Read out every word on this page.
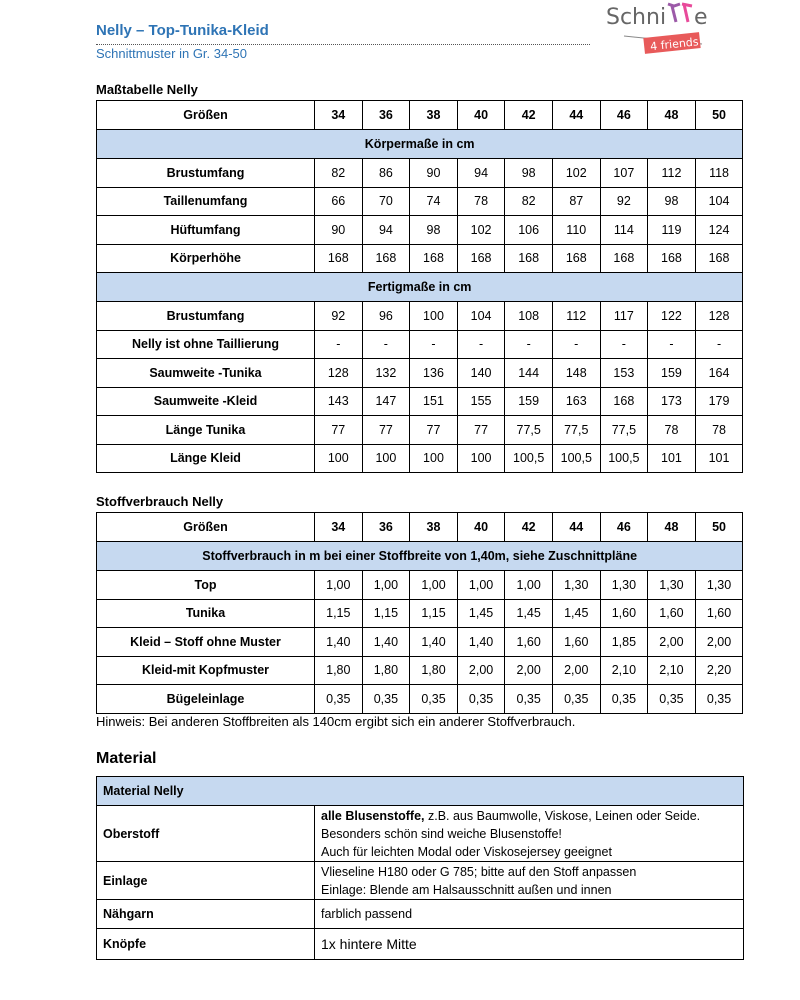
Nelly – Top-Tunika-Kleid
Schnittmuster in Gr. 34-50
Schni e
4 friends
Maßtabelle Nelly
Größen	34	36	38	40	42	44	46	48	50
Körpermaße in cm									
Brustumfang	82	86	90	94	98	102	107	112	118
Taillenumfang	66	70	74	78	82	87	92	98	104
Hüftumfang	90	94	98	102	106	110	114	119	124
Körperhöhe	168	168	168	168	168	168	168	168	168
Fertigmaße in cm									
Brustumfang	92	96	100	104	108	112	117	122	128
Nelly ist ohne Taillierung	-	-	-	-	-	-	-	-	-
Saumweite -Tunika	128	132	136	140	144	148	153	159	164
Saumweite -Kleid	143	147	151	155	159	163	168	173	179
Länge Tunika	77	77	77	77	77,5	77,5	77,5	78	78
Länge Kleid	100	100	100	100	100,5	100,5	100,5	101	101
Stoffverbrauch Nelly
Größen	34	36	38	40	42	44	46	48	50
Stoffverbrauch in m bei einer Stoffbreite von 1,40m, siehe Zuschnittpläne									
Top	1,00	1,00	1,00	1,00	1,00	1,30	1,30	1,30	1,30
Tunika	1,15	1,15	1,15	1,45	1,45	1,45	1,60	1,60	1,60
Kleid – Stoff ohne Muster	1,40	1,40	1,40	1,40	1,60	1,60	1,85	2,00	2,00
Kleid-mit Kopfmuster	1,80	1,80	1,80	2,00	2,00	2,00	2,10	2,10	2,20
Bügeleinlage	0,35	0,35	0,35	0,35	0,35	0,35	0,35	0,35	0,35
Hinweis: Bei anderen Stoffbreiten als 140cm ergibt sich ein anderer Stoffverbrauch.
Material
Material Nelly	
Oberstoff	alle Blusenstoffe, z.B. aus Baumwolle, Viskose, Leinen oder Seide.
Besonders schön sind weiche Blusenstoffe!
Auch für leichten Modal oder Viskosejersey geeignet

Einlage	Vlieseline H180 oder G 785; bitte auf den Stoff anpassen
Einlage: Blende am Halsausschnitt außen und innen

Nähgarn	farblich passend

Knöpfe	1x hintere Mitte
